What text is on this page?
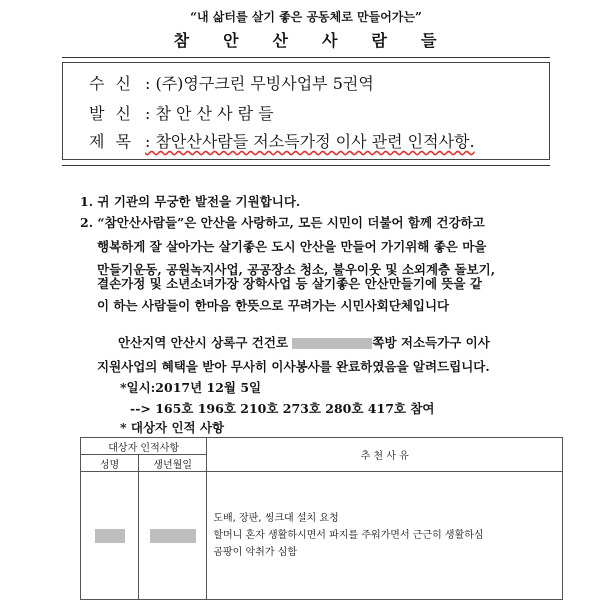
“내 삶터를 살기 좋은 공동체로 만들어가는”
참 안 산 사 람 들
수 신 : (주)영구크린 무빙사업부 5권역
발 신 : 참 안 산 사 람 들
제 목 : 참안산사람들 저소득가정 이사 관련 인적사항.
1. 귀 기관의 무궁한 발전을 기원합니다.
2. “참안산사람들”은 안산을 사랑하고, 모든 시민이 더불어 함께 건강하고
행복하게 잘 살아가는 살기좋은 도시 안산을 만들어 가기위해 좋은 마을
만들기운동, 공원녹지사업, 공공장소 청소, 불우이웃 및 소외계층 돌보기,
결손가정 및 소년소녀가장 장학사업 등 살기좋은 안산만들기에 뜻을 같
이 하는 사람들이 한마음 한뜻으로 꾸려가는 시민사회단체입니다
안산지역 안산시 상록구 건건로	쪽방 저소득가구 이사
지원사업의 혜택을 받아 무사히 이사봉사를 완료하였음을 알려드립니다.
*일시:2017년 12월 5일
--> 165호 196호 210호 273호 280호 417호 참여
* 대상자 인적 사항
대상자 인적사항		추 천 사 유
성명	생년월일	

		도배, 장판, 씽크대 설치 요청
할머니 혼자 생활하시면서 파지를 주워가면서 근근히 생활하심
곰팡이 악취가 심함
